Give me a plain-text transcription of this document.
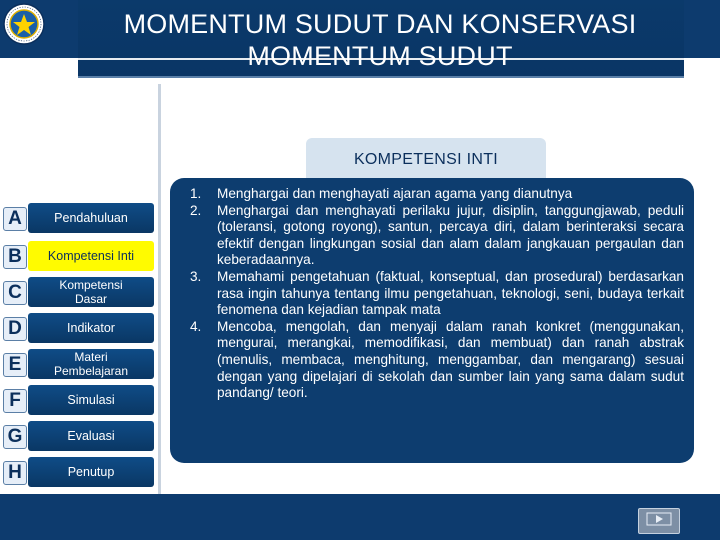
MOMENTUM SUDUT DAN KONSERVASI MOMENTUM SUDUT
A	Pendahuluan
B	Kompetensi Inti
C	Kompetensi Dasar
D	Indikator
E	Materi Pembelajaran
F	Simulasi
G	Evaluasi
H	Penutup
KOMPETENSI INTI
1. Menghargai dan menghayati ajaran agama yang dianutnya
2. Menghargai dan menghayati perilaku jujur, disiplin, tanggungjawab, peduli (toleransi, gotong royong), santun, percaya diri, dalam berinteraksi secara efektif dengan lingkungan sosial dan alam dalam jangkauan pergaulan dan keberadaannya.
3. Memahami pengetahuan (faktual, konseptual, dan prosedural) berdasarkan rasa ingin tahunya tentang ilmu pengetahuan, teknologi, seni, budaya terkait fenomena dan kejadian tampak mata
4. Mencoba, mengolah, dan menyaji dalam ranah konkret (menggunakan, mengurai, merangkai, memodifikasi, dan membuat) dan ranah abstrak (menulis, membaca, menghitung, menggambar, dan mengarang) sesuai dengan yang dipelajari di sekolah dan sumber lain yang sama dalam sudut pandang/ teori.
